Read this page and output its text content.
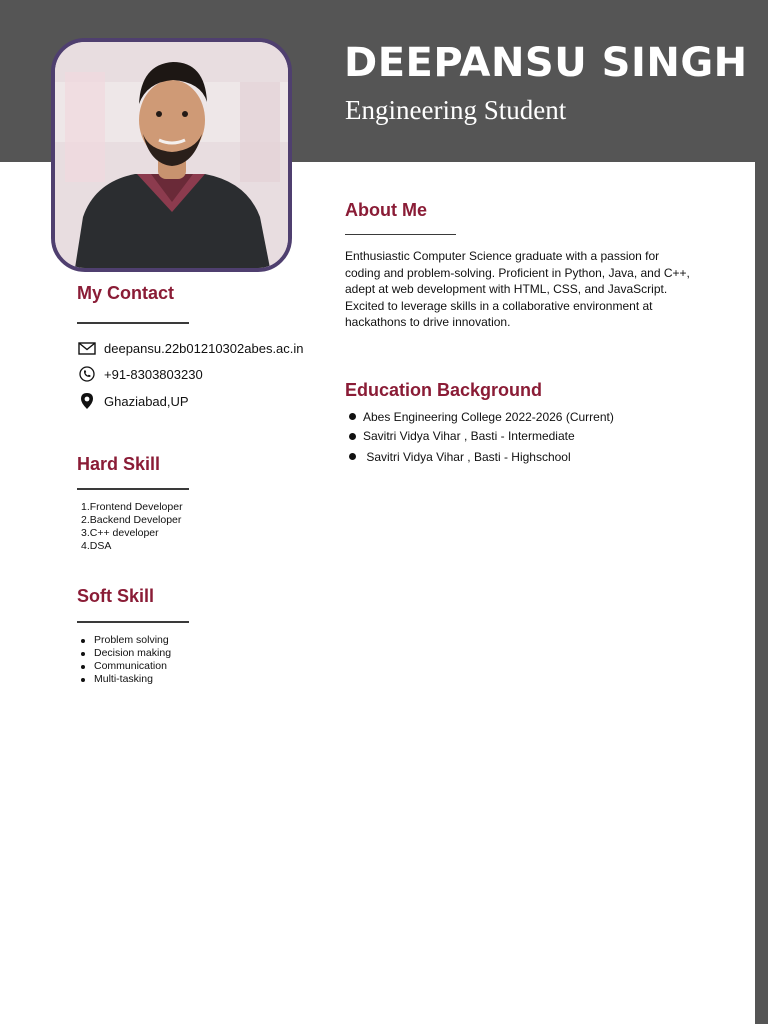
DEEPANSU SINGH
Engineering Student
My Contact
deepansu.22b01210302abes.ac.in
+91-8303803230
Ghaziabad,UP
Hard Skill
1.Frontend Developer
2.Backend Developer
3.C++ developer
4.DSA
Soft Skill
Problem solving
Decision making
Communication
Multi-tasking
About Me

Enthusiastic Computer Science graduate with a passion for coding and problem-solving. Proficient in Python, Java, and C++, adept at web development with HTML, CSS, and JavaScript. Excited to leverage skills in a collaborative environment at hackathons to drive innovation.

Education Background
Abes Engineering College 2022-2026 (Current)
Savitri Vidya Vihar , Basti - Intermediate
Savitri Vidya Vihar , Basti - Highschool
